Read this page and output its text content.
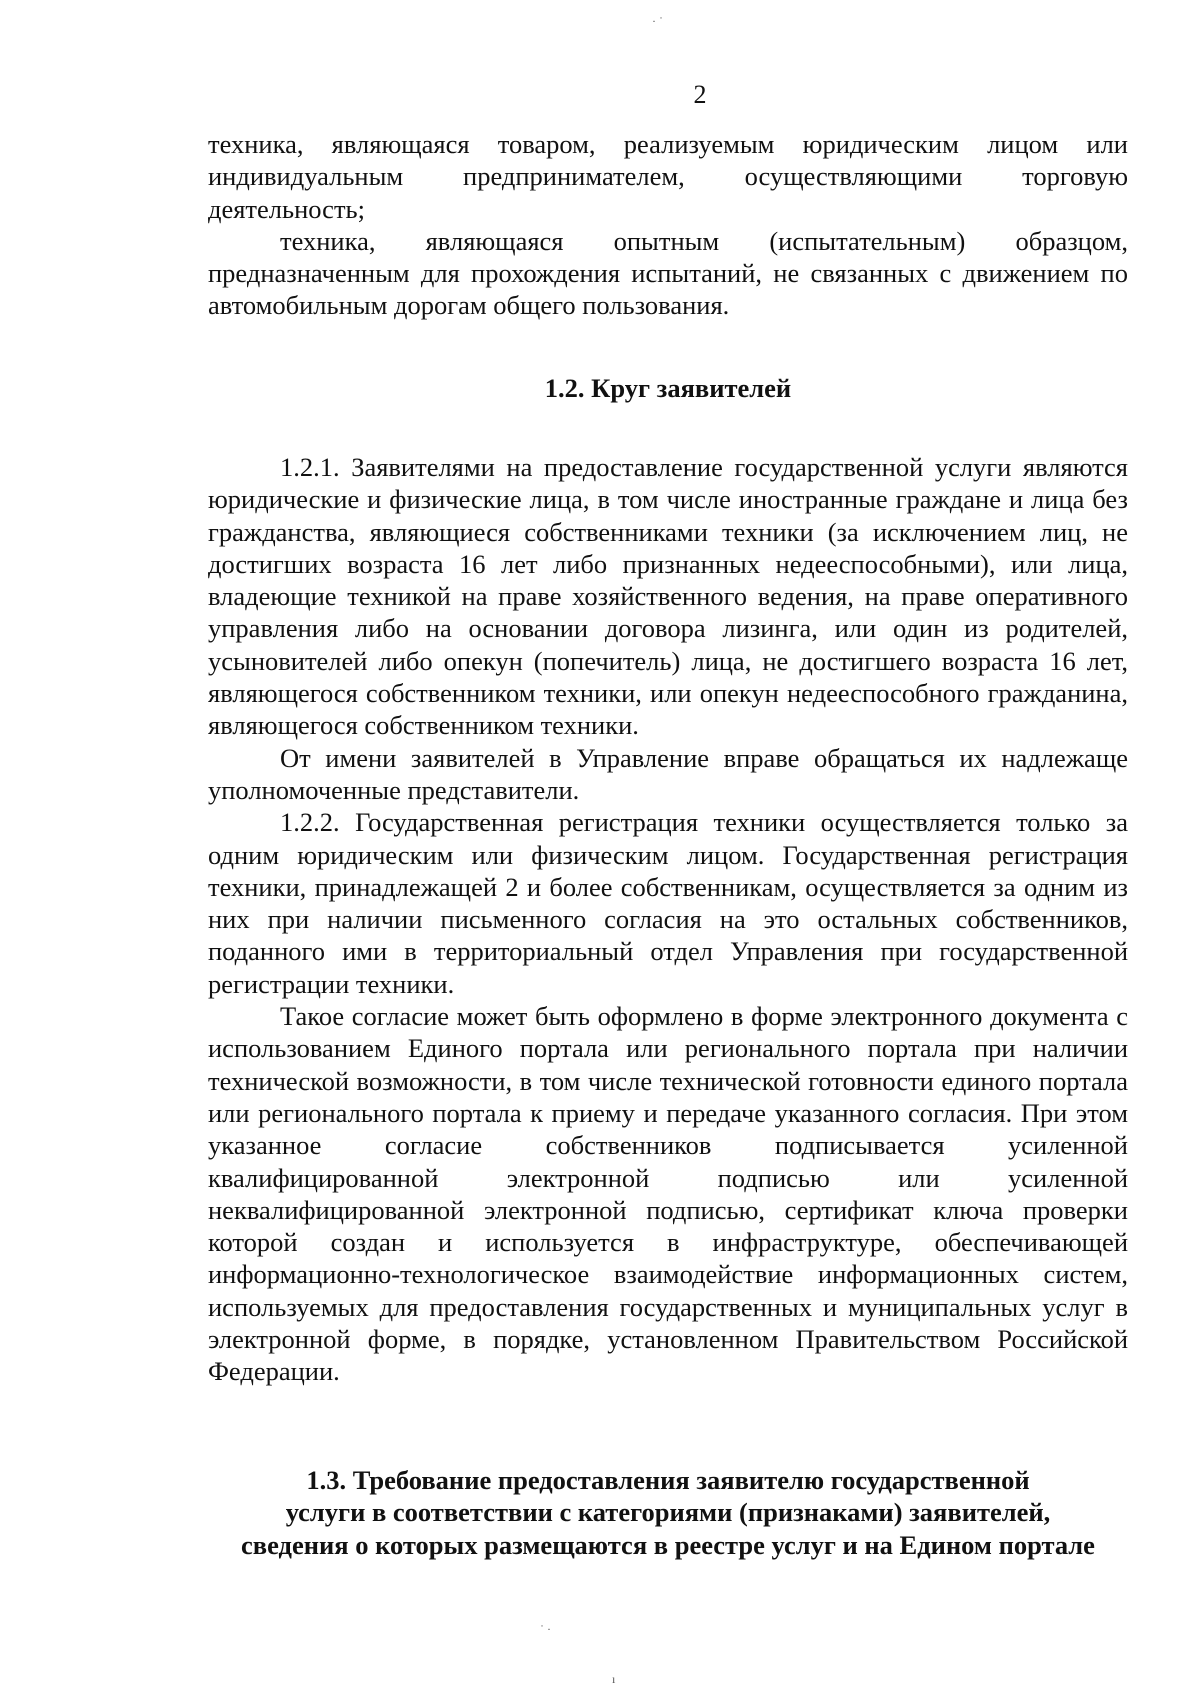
· ˙
2

техника, являющаяся товаром, реализуемым юридическим лицом или индивидуальным предпринимателем, осуществляющими торговую деятельность;

техника, являющаяся опытным (испытательным) образцом, предназначенным для прохождения испытаний, не связанных с движением по автомобильным дорогам общего пользования.

1.2. Круг заявителей

1.2.1. Заявителями на предоставление государственной услуги являются юридические и физические лица, в том числе иностранные граждане и лица без гражданства, являющиеся собственниками техники (за исключением лиц, не достигших возраста 16 лет либо признанных недееспособными), или лица, владеющие техникой на праве хозяйственного ведения, на праве оперативного управления либо на основании договора лизинга, или один из родителей, усыновителей либо опекун (попечитель) лица, не достигшего возраста 16 лет, являющегося собственником техники, или опекун недееспособного гражданина, являющегося собственником техники.

От имени заявителей в Управление вправе обращаться их надлежаще уполномоченные представители.

1.2.2. Государственная регистрация техники осуществляется только за одним юридическим или физическим лицом. Государственная регистрация техники, принадлежащей 2 и более собственникам, осуществляется за одним из них при наличии письменного согласия на это остальных собственников, поданного ими в территориальный отдел Управления при государственной регистрации техники.

Такое согласие может быть оформлено в форме электронного документа с использованием Единого портала или регионального портала при наличии технической возможности, в том числе технической готовности единого портала или регионального портала к приему и передаче указанного согласия. При этом указанное согласие собственников подписывается усиленной квалифицированной электронной подписью или усиленной неквалифицированной электронной подписью, сертификат ключа проверки которой создан и используется в инфраструктуре, обеспечивающей информационно-технологическое взаимодействие информационных систем, используемых для предоставления государственных и муниципальных услуг в электронной форме, в порядке, установленном Правительством Российской Федерации.

1.3. Требование предоставления заявителю государственной
услуги в соответствии с категориями (признаками) заявителей,
сведения о которых размещаются в реестре услуг и на Едином портале
˙ ·
ı
